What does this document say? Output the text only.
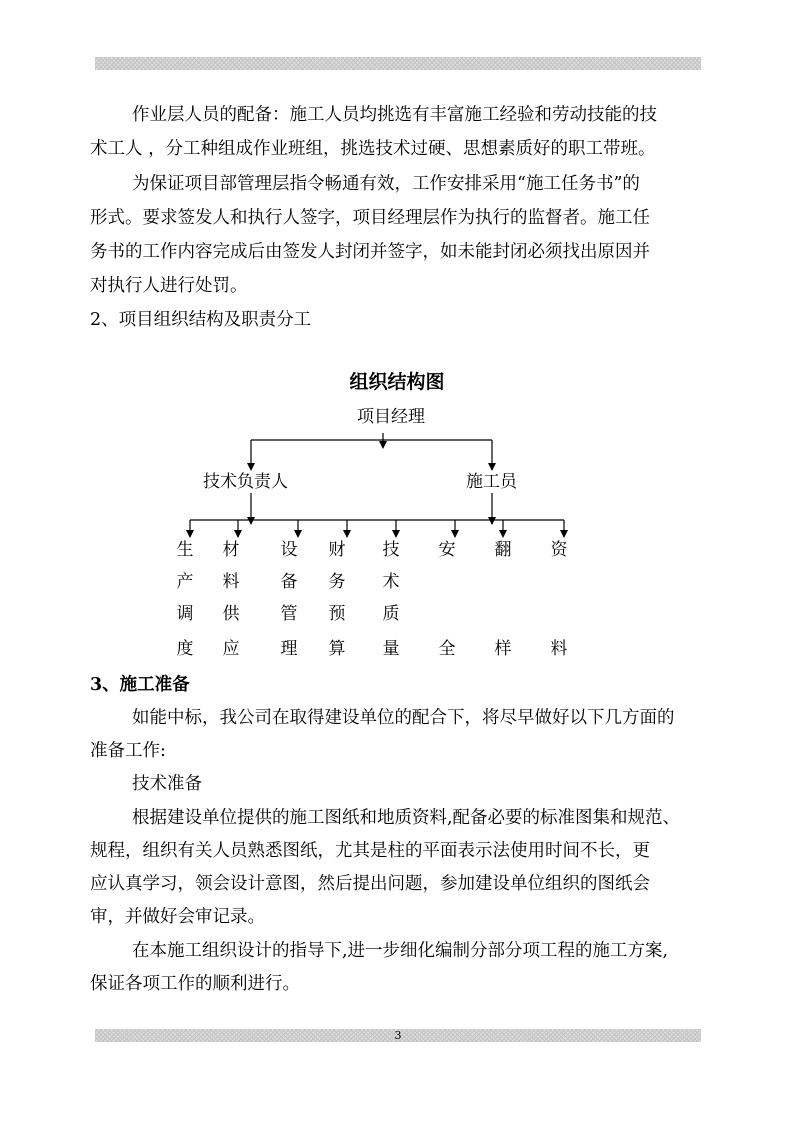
作业层人员的配备：施工人员均挑选有丰富施工经验和劳动技能的技
术工人 ，分工种组成作业班组，挑选技术过硬、思想素质好的职工带班。
为保证项目部管理层指令畅通有效，工作安排采用“施工任务书”的
形式。要求签发人和执行人签字，项目经理层作为执行的监督者。施工任
务书的工作内容完成后由签发人封闭并签字，如未能封闭必须找出原因并
对执行人进行处罚。
2、项目组织结构及职责分工
组织结构图
项目经理
技术负责人	施工员
生
产
调
度
材
料
供
应
设
备
管
理
财
务
预
算
技
术
质
量
安
全
翻
样
资
料
3、施工准备
如能中标，我公司在取得建设单位的配合下，将尽早做好以下几方面的
准备工作:
技术准备
根据建设单位提供的施工图纸和地质资料,配备必要的标准图集和规范、
规程，组织有关人员熟悉图纸，尤其是柱的平面表示法使用时间不长，更
应认真学习，领会设计意图，然后提出问题，参加建设单位组织的图纸会
审，并做好会审记录。
在本施工组织设计的指导下,进一步细化编制分部分项工程的施工方案,
保证各项工作的顺利进行。
3
